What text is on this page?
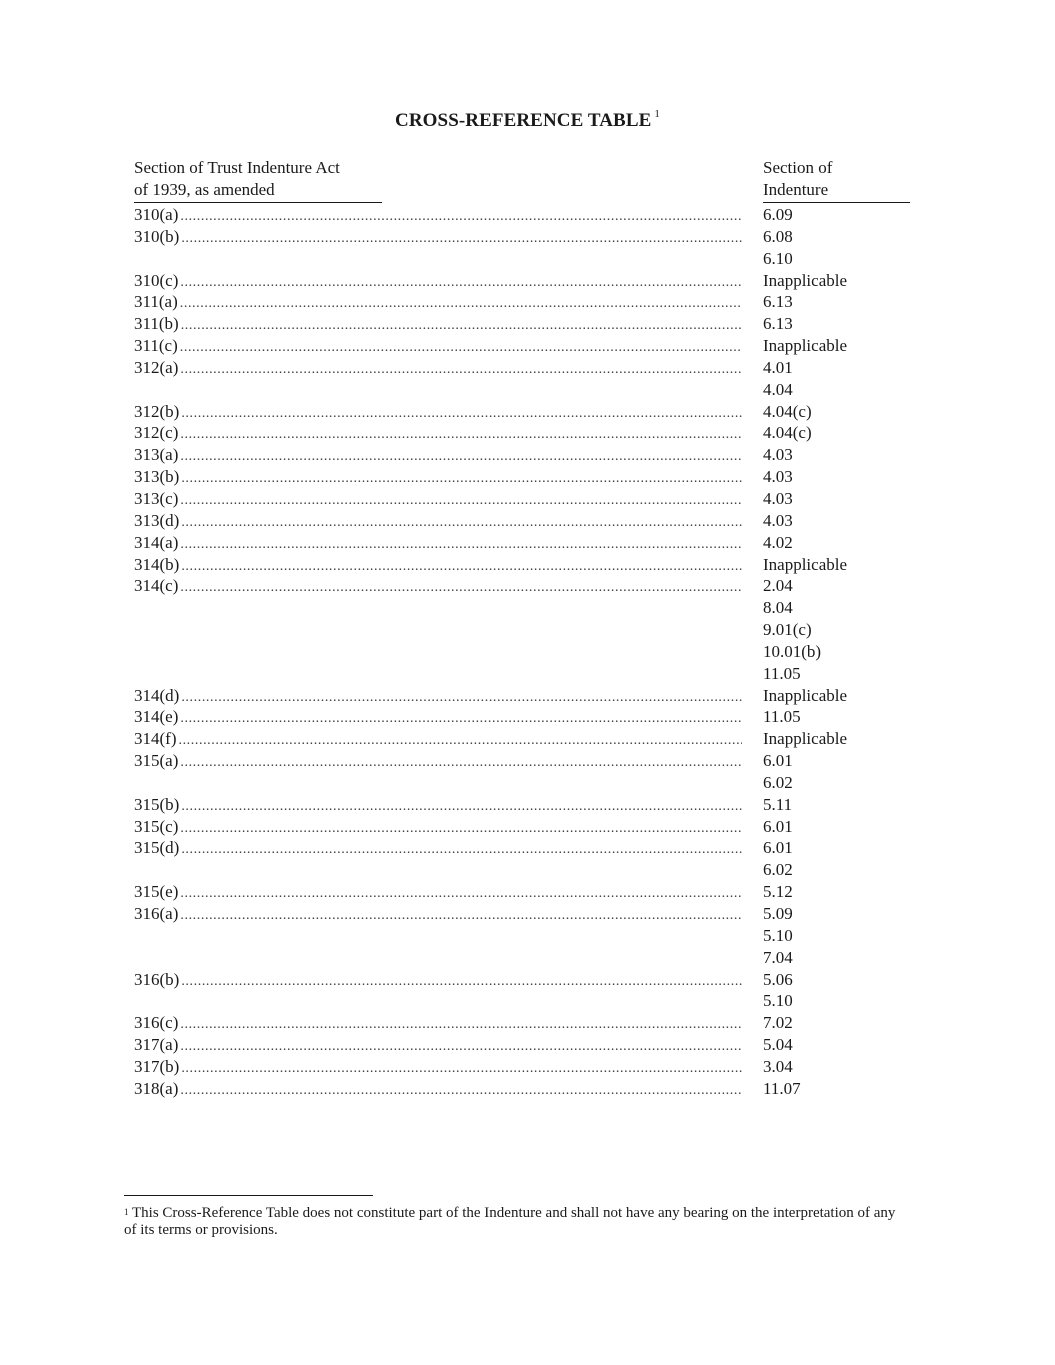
CROSS-REFERENCE TABLE $^1$
Section of Trust Indenture Act
of 1939, as amended
Section of
Indenture
310(a) .....	6.09
310(b) .....	6.08
6.10
310(c) .....	Inapplicable
311(a) .....	6.13
311(b) .....	6.13
311(c) .....	Inapplicable
312(a) .....	4.01
4.04
312(b) .....	4.04(c)
312(c) .....	4.04(c)
313(a) .....	4.03
313(b) .....	4.03
313(c) .....	4.03
313(d) .....	4.03
314(a) .....	4.02
314(b) .....	Inapplicable
314(c) .....	2.04
8.04
9.01(c)
10.01(b)
11.05
314(d) .....	Inapplicable
314(e) .....	11.05
314(f) .....	Inapplicable
315(a) .....	6.01
6.02
315(b) .....	5.11
315(c) .....	6.01
315(d) .....	6.01
6.02
315(e) .....	5.12
316(a) .....	5.09
5.10
7.04
316(b) .....	5.06
5.10
316(c) .....	7.02
317(a) .....	5.04
317(b) .....	3.04
318(a) .....	11.07
$^1$ This Cross-Reference Table does not constitute part of the Indenture and shall not have any bearing on the interpretation of any of its terms or provisions.
